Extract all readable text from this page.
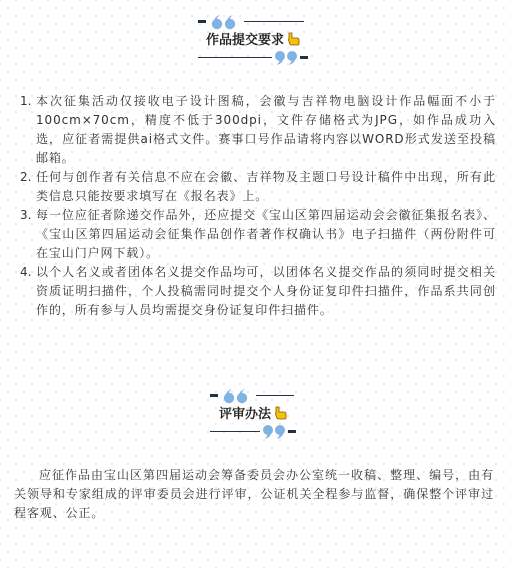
作品提交要求
1. 本次征集活动仅接收电子设计图稿，会徽与吉祥物电脑设计作品幅面不小于100cm×70cm，精度不低于300dpi，文件存储格式为JPG，如作品成功入选，应征者需提供ai格式文件。赛事口号作品请将内容以WORD形式发送至投稿邮箱。
2. 任何与创作者有关信息不应在会徽、吉祥物及主题口号设计稿件中出现，所有此类信息只能按要求填写在《报名表》上。
3. 每一位应征者除递交作品外，还应提交《宝山区第四届运动会会徽征集报名表》、《宝山区第四届运动会征集作品创作者著作权确认书》电子扫描件（两份附件可在宝山门户网下载）。
4. 以个人名义或者团体名义提交作品均可，以团体名义提交作品的须同时提交相关资质证明扫描件，个人投稿需同时提交个人身份证复印件扫描件，作品系共同创作的，所有参与人员均需提交身份证复印件扫描件。
评审办法

应征作品由宝山区第四届运动会筹备委员会办公室统一收稿、整理、编号，由有关领导和专家组成的评审委员会进行评审，公证机关全程参与监督，确保整个评审过程客观、公正。
